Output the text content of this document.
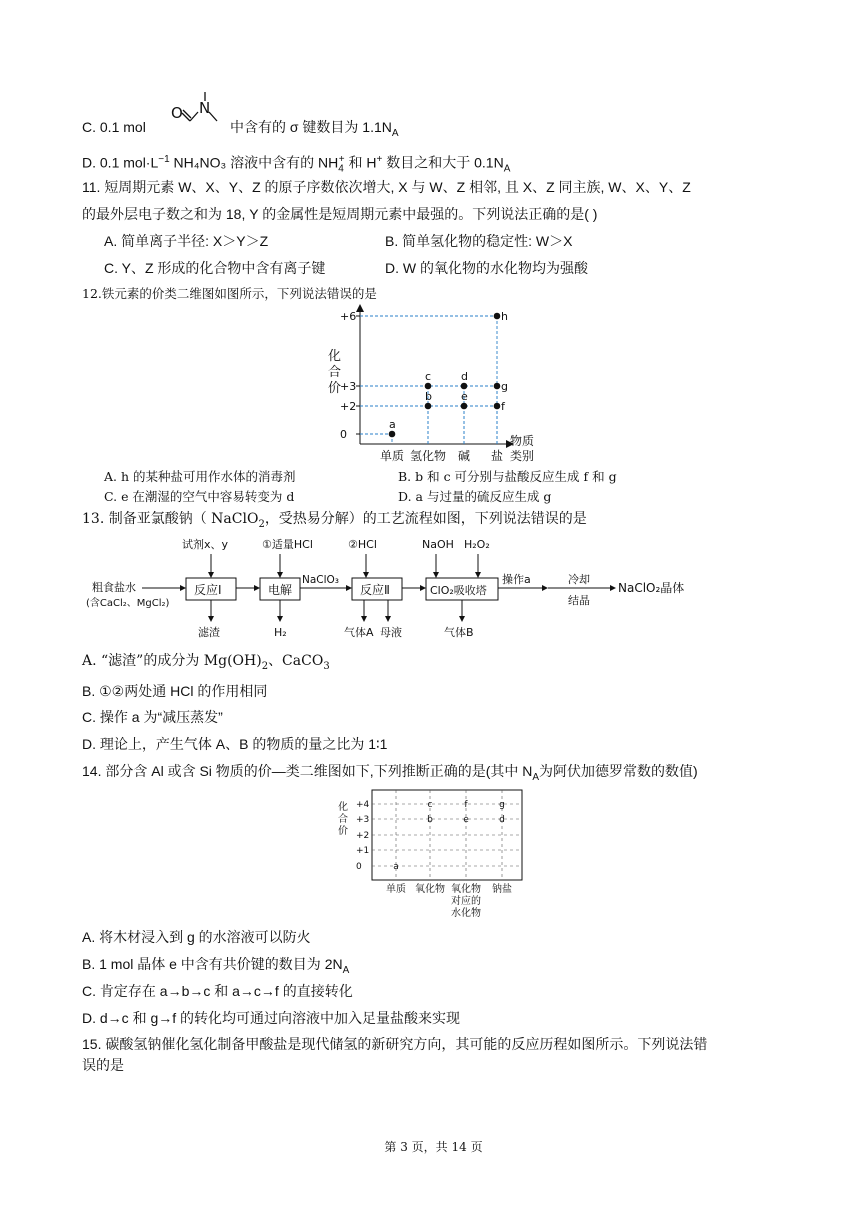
C. 0.1 mol
O N
中含有的 σ 键数目为 $1.1N_A$
D. 0.1 $mol\cdot L^{-1}$ NH₄NO₃ 溶液中含有的 $NH_4^+$ 和 H+ 数目之和大于 $0.1N_A$
11. 短周期元素 W、X、Y、Z 的原子序数依次增大, X 与 W、Z 相邻, 且 X、Z 同主族, W、X、Y、Z
的最外层电子数之和为 18, Y 的金属性是短周期元素中最强的。下列说法正确的是( )
A. 简单离子半径: X＞Y＞Z	B. 简单氢化物的稳定性: W＞X
C. Y、Z 形成的化合物中含有离子键	D. W 的氧化物的水化物均为强酸
12.铁元素的价类二维图如图所示，下列说法错误的是
化
合
价
+6
+3
+2
0
a
b
c	d
e
f
g
h
单质 氢化物 碱 盐
物质
类别
A. h 的某种盐可用作水体的消毒剂	B. b 和 c 可分别与盐酸反应生成 f 和 g
C. e 在潮湿的空气中容易转变为 d	D. a 与过量的硫反应生成 g
13. 制备亚氯酸钠（ NaClO$_2$，受热易分解）的工艺流程如图，下列说法错误的是
粗食盐水
(含CaCl₂、MgCl₂)
反应Ⅰ
试剂x、y
滤渣
电解
①适量HCl
H₂
NaClO₃
反应Ⅱ
②HCl
气体A 母液
ClO₂吸收塔
NaOH H₂O₂
气体B
操作a	冷却
结晶
NaClO₂晶体
A. “滤渣”的成分为 $Mg(OH)_2$、CaCO$_3$
B. ①②两处通 HCl 的作用相同
C. 操作 a 为“减压蒸发”
D. 理论上，产生气体 A、B 的物质的量之比为 1∶1
14. 部分含 Al 或含 Si 物质的价—类二维图如下,下列推断正确的是(其中 $N_A$为阿伏加德罗常数的数值)
化
合
价
+4
+3
+2
+1
0	a
b
c
d
e
f	g
单质 氧化物 氧化物
对应的
水化物
钠盐
A. 将木材浸入到 g 的水溶液可以防火
B. 1 mol 晶体 e 中含有共价键的数目为 $2N_A$
C. 肯定存在 a→b→c 和 a→c→f 的直接转化
D. d→c 和 g→f 的转化均可通过向溶液中加入足量盐酸来实现
15. 碳酸氢钠催化氢化制备甲酸盐是现代储氢的新研究方向，其可能的反应历程如图所示。下列说法错
误的是
第 3 页，共 14 页
